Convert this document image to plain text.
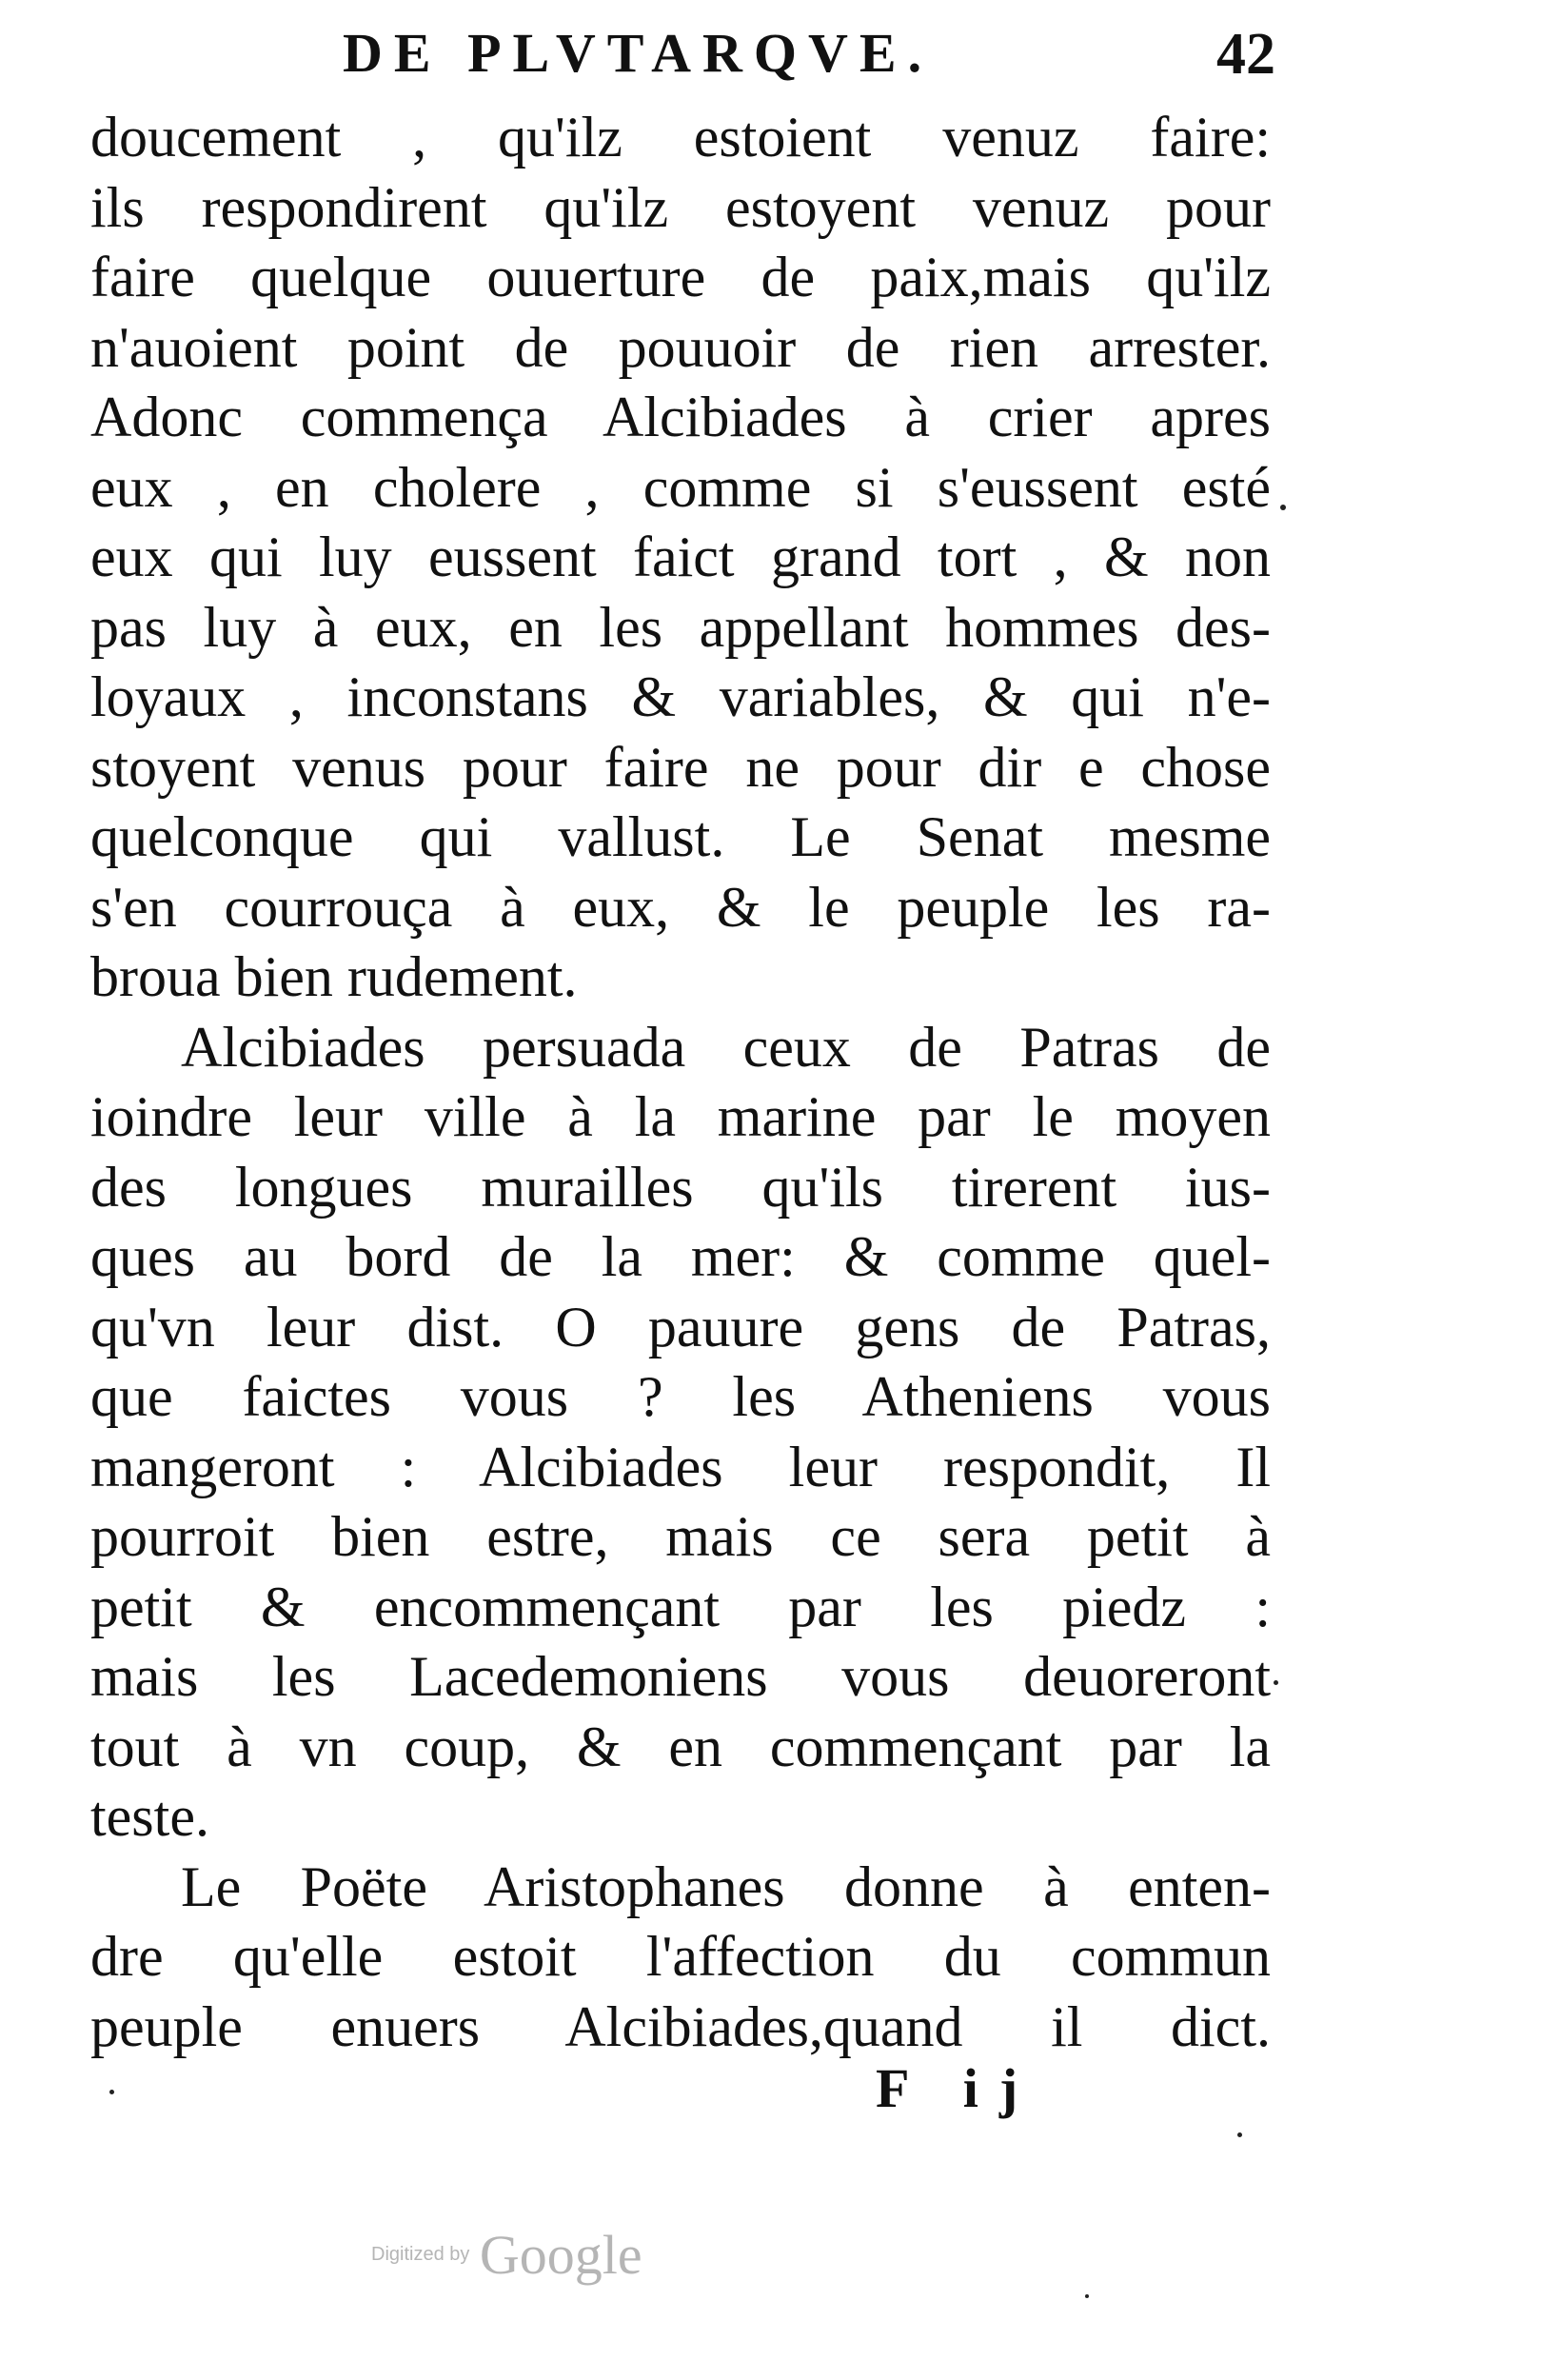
DE PLVTARQVE.	42
doucement , qu'ilz estoient venuz faire:
ils respondirent qu'ilz estoyent venuz pour
faire quelque ouuerture de paix,mais qu'ilz
n'auoient point de pouuoir de rien arrester.
Adonc commença Alcibiades à crier apres
eux , en cholere , comme si s'eussent esté
eux qui luy eussent faict grand tort , & non
pas luy à eux, en les appellant hommes des-
loyaux , inconstans & variables, & qui n'e-
stoyent venus pour faire ne pour dir e chose
quelconque qui vallust. Le Senat mesme
s'en courrouça à eux, & le peuple les ra-
broua bien rudement.
Alcibiades persuada ceux de Patras de
ioindre leur ville à la marine par le moyen
des longues murailles qu'ils tirerent ius-
ques au bord de la mer: & comme quel-
qu'vn leur dist. O pauure gens de Patras,
que faictes vous ? les Atheniens vous
mangeront : Alcibiades leur respondit, Il
pourroit bien estre, mais ce sera petit à
petit & encommençant par les piedz :
mais les Lacedemoniens vous deuoreront
tout à vn coup, & en commençant par la
teste.
Le Poëte Aristophanes donne à enten-
dre qu'elle estoit l'affection du commun
peuple enuers Alcibiades,quand il dict.
F ij
Digitized by Google
